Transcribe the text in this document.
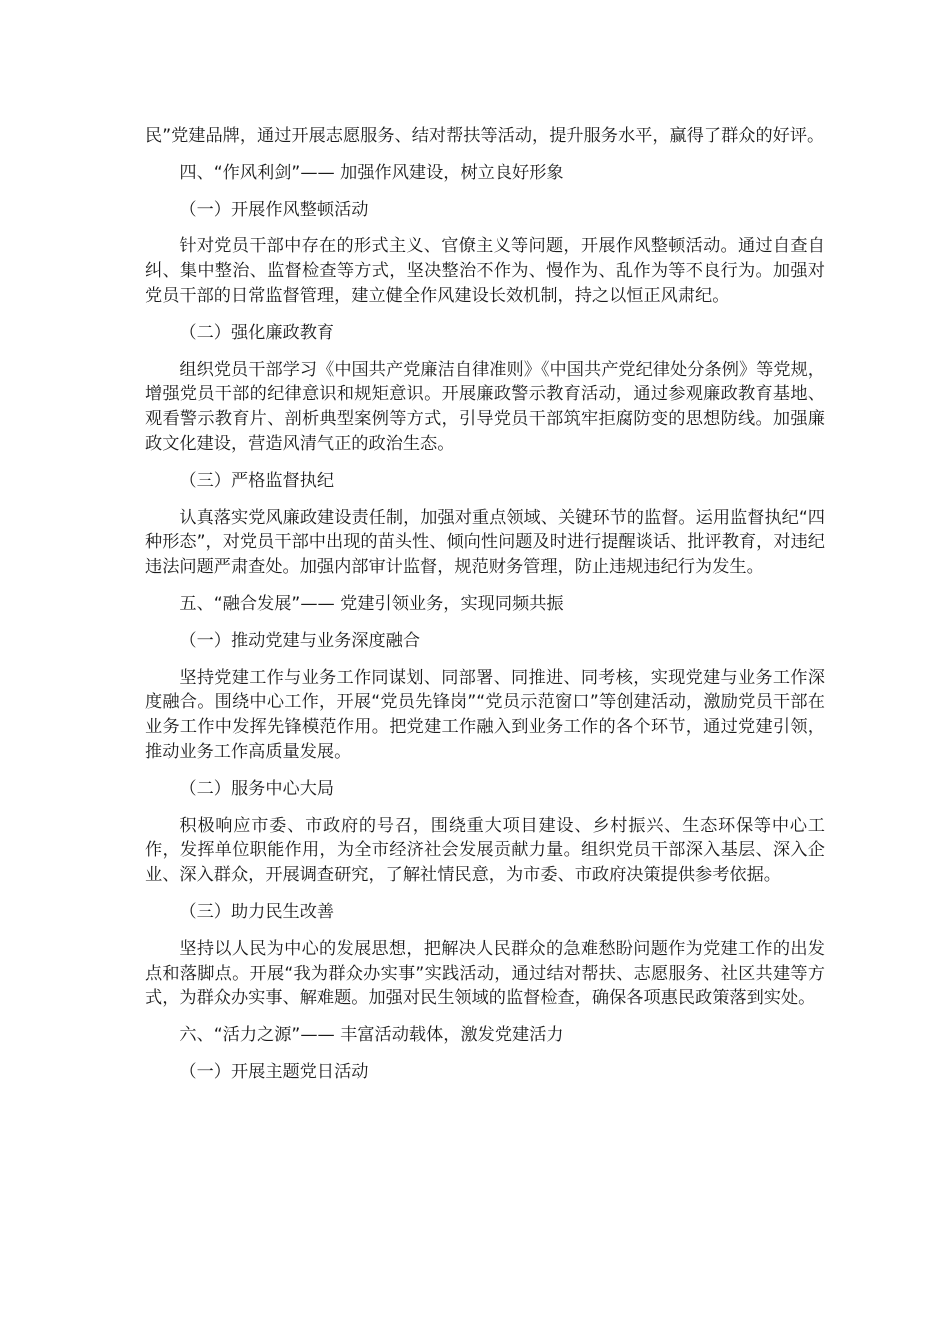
民”党建品牌，通过开展志愿服务、结对帮扶等活动，提升服务水平，赢得了群众的好评。

四、“作风利剑”—— 加强作风建设，树立良好形象

（一）开展作风整顿活动

针对党员干部中存在的形式主义、官僚主义等问题，开展作风整顿活动。通过自查自纠、集中整治、监督检查等方式，坚决整治不作为、慢作为、乱作为等不良行为。加强对党员干部的日常监督管理，建立健全作风建设长效机制，持之以恒正风肃纪。

（二）强化廉政教育

组织党员干部学习《中国共产党廉洁自律准则》《中国共产党纪律处分条例》等党规，增强党员干部的纪律意识和规矩意识。开展廉政警示教育活动，通过参观廉政教育基地、观看警示教育片、剖析典型案例等方式，引导党员干部筑牢拒腐防变的思想防线。加强廉政文化建设，营造风清气正的政治生态。

（三）严格监督执纪

认真落实党风廉政建设责任制，加强对重点领域、关键环节的监督。运用监督执纪“四种形态”，对党员干部中出现的苗头性、倾向性问题及时进行提醒谈话、批评教育，对违纪违法问题严肃查处。加强内部审计监督，规范财务管理，防止违规违纪行为发生。

五、“融合发展”—— 党建引领业务，实现同频共振

（一）推动党建与业务深度融合

坚持党建工作与业务工作同谋划、同部署、同推进、同考核，实现党建与业务工作深度融合。围绕中心工作，开展“党员先锋岗”“党员示范窗口”等创建活动，激励党员干部在业务工作中发挥先锋模范作用。把党建工作融入到业务工作的各个环节，通过党建引领，推动业务工作高质量发展。

（二）服务中心大局

积极响应市委、市政府的号召，围绕重大项目建设、乡村振兴、生态环保等中心工作，发挥单位职能作用，为全市经济社会发展贡献力量。组织党员干部深入基层、深入企业、深入群众，开展调查研究，了解社情民意，为市委、市政府决策提供参考依据。

（三）助力民生改善

坚持以人民为中心的发展思想，把解决人民群众的急难愁盼问题作为党建工作的出发点和落脚点。开展“我为群众办实事”实践活动，通过结对帮扶、志愿服务、社区共建等方式，为群众办实事、解难题。加强对民生领域的监督检查，确保各项惠民政策落到实处。

六、“活力之源”—— 丰富活动载体，激发党建活力

（一）开展主题党日活动
